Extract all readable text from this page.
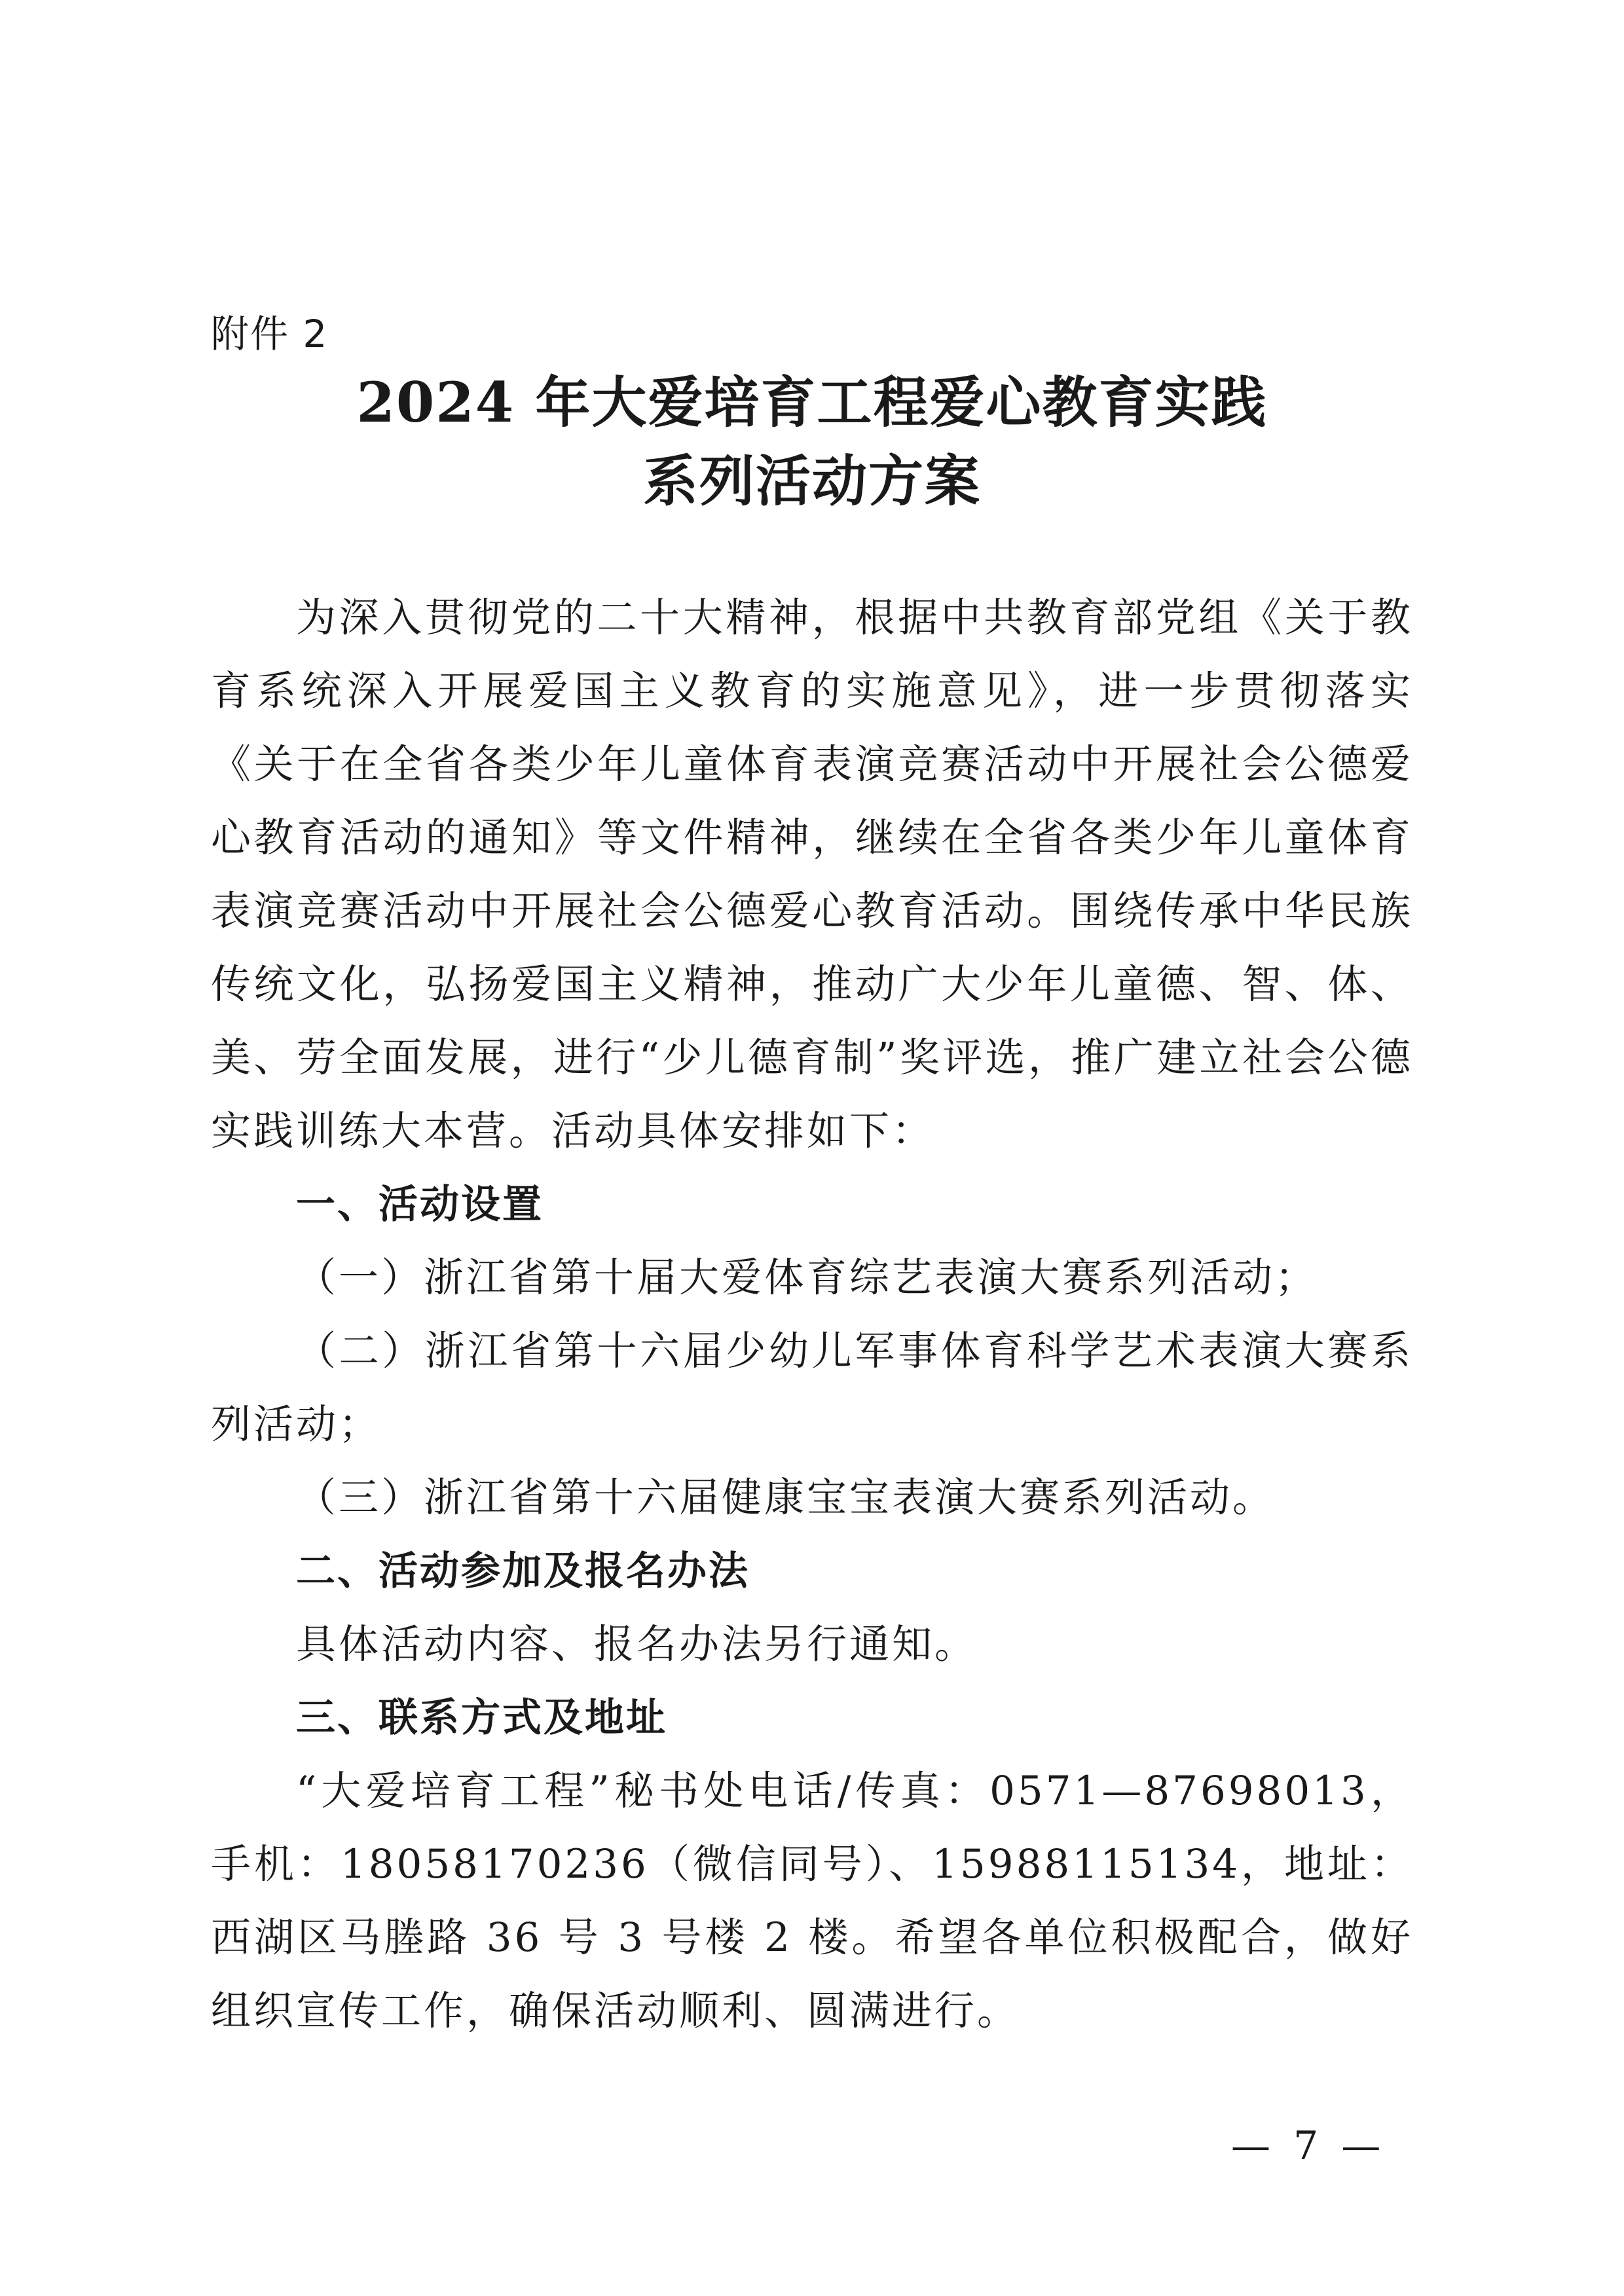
附件 2
2024 年大爱培育工程爱心教育实践
系列活动方案

为深入贯彻党的二十大精神，根据中共教育部党组《关于教育系统深入开展爱国主义教育的实施意见》，进一步贯彻落实《关于在全省各类少年儿童体育表演竞赛活动中开展社会公德爱心教育活动的通知》等文件精神，继续在全省各类少年儿童体育表演竞赛活动中开展社会公德爱心教育活动。围绕传承中华民族传统文化，弘扬爱国主义精神，推动广大少年儿童德、智、体、美、劳全面发展，进行“少儿德育制”奖评选，推广建立社会公德实践训练大本营。活动具体安排如下：

一、活动设置

（一）浙江省第十届大爱体育综艺表演大赛系列活动；

（二）浙江省第十六届少幼儿军事体育科学艺术表演大赛系列活动；

（三）浙江省第十六届健康宝宝表演大赛系列活动。

二、活动参加及报名办法

具体活动内容、报名办法另行通知。

三、联系方式及地址

“大爱培育工程”秘书处电话/传真：0571—87698013，手机：18058170236（微信同号）、15988115134，地址：西湖区马塍路 36 号 3 号楼 2 楼。希望各单位积极配合，做好组织宣传工作，确保活动顺利、圆满进行。

— 7 —
